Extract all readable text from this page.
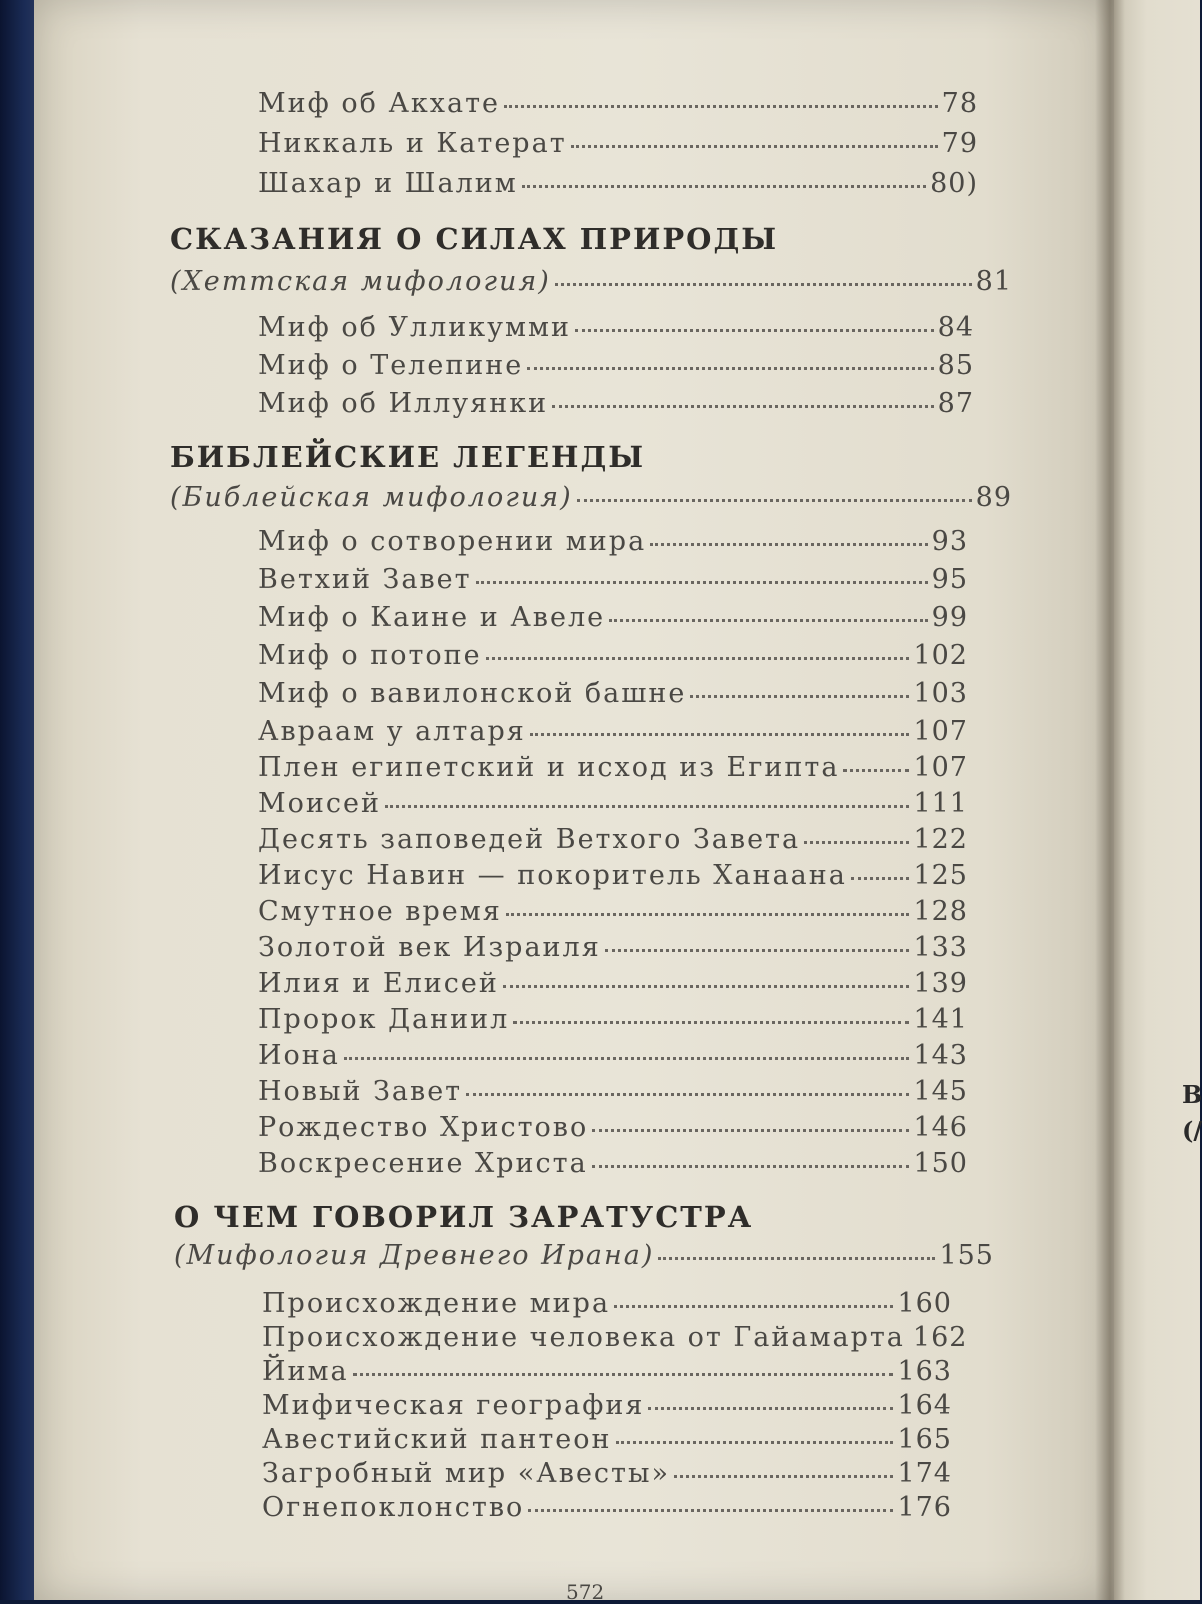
B
(/
Миф об Акхате	78
Никкаль и Катерат	79
Шахар и Шалим	80)
СКАЗАНИЯ О СИЛАХ ПРИРОДЫ
(Хеттская мифология)	81
Миф об Улликумми	84
Миф о Телепине	85
Миф об Иллуянки	87
БИБЛЕЙСКИЕ ЛЕГЕНДЫ
(Библейская мифология)	89
Миф о сотворении мира	93
Ветхий Завет	95
Миф о Каине и Авеле	99
Миф о потопе	102
Миф о вавилонской башне	103
Авраам у алтаря	107
Плен египетский и исход из Египта	107
Моисей	111
Десять заповедей Ветхого Завета	122
Иисус Навин — покоритель Ханаана 125
Смутное время	128
Золотой век Израиля	133
Илия и Елисей	139
Пророк Даниил	141
Иона	143
Новый Завет	145
Рождество Христово	146
Воскресение Христа	150
О ЧЕМ ГОВОРИЛ ЗАРАТУСТРА
(Мифология Древнего Ирана)	155
Происхождение мира	160
Происхождение человека от Гайамарта 162
Йима	163
Мифическая география	164
Авестийский пантеон	165
Загробный мир «Авесты»	174
Огнепоклонство	176
572
